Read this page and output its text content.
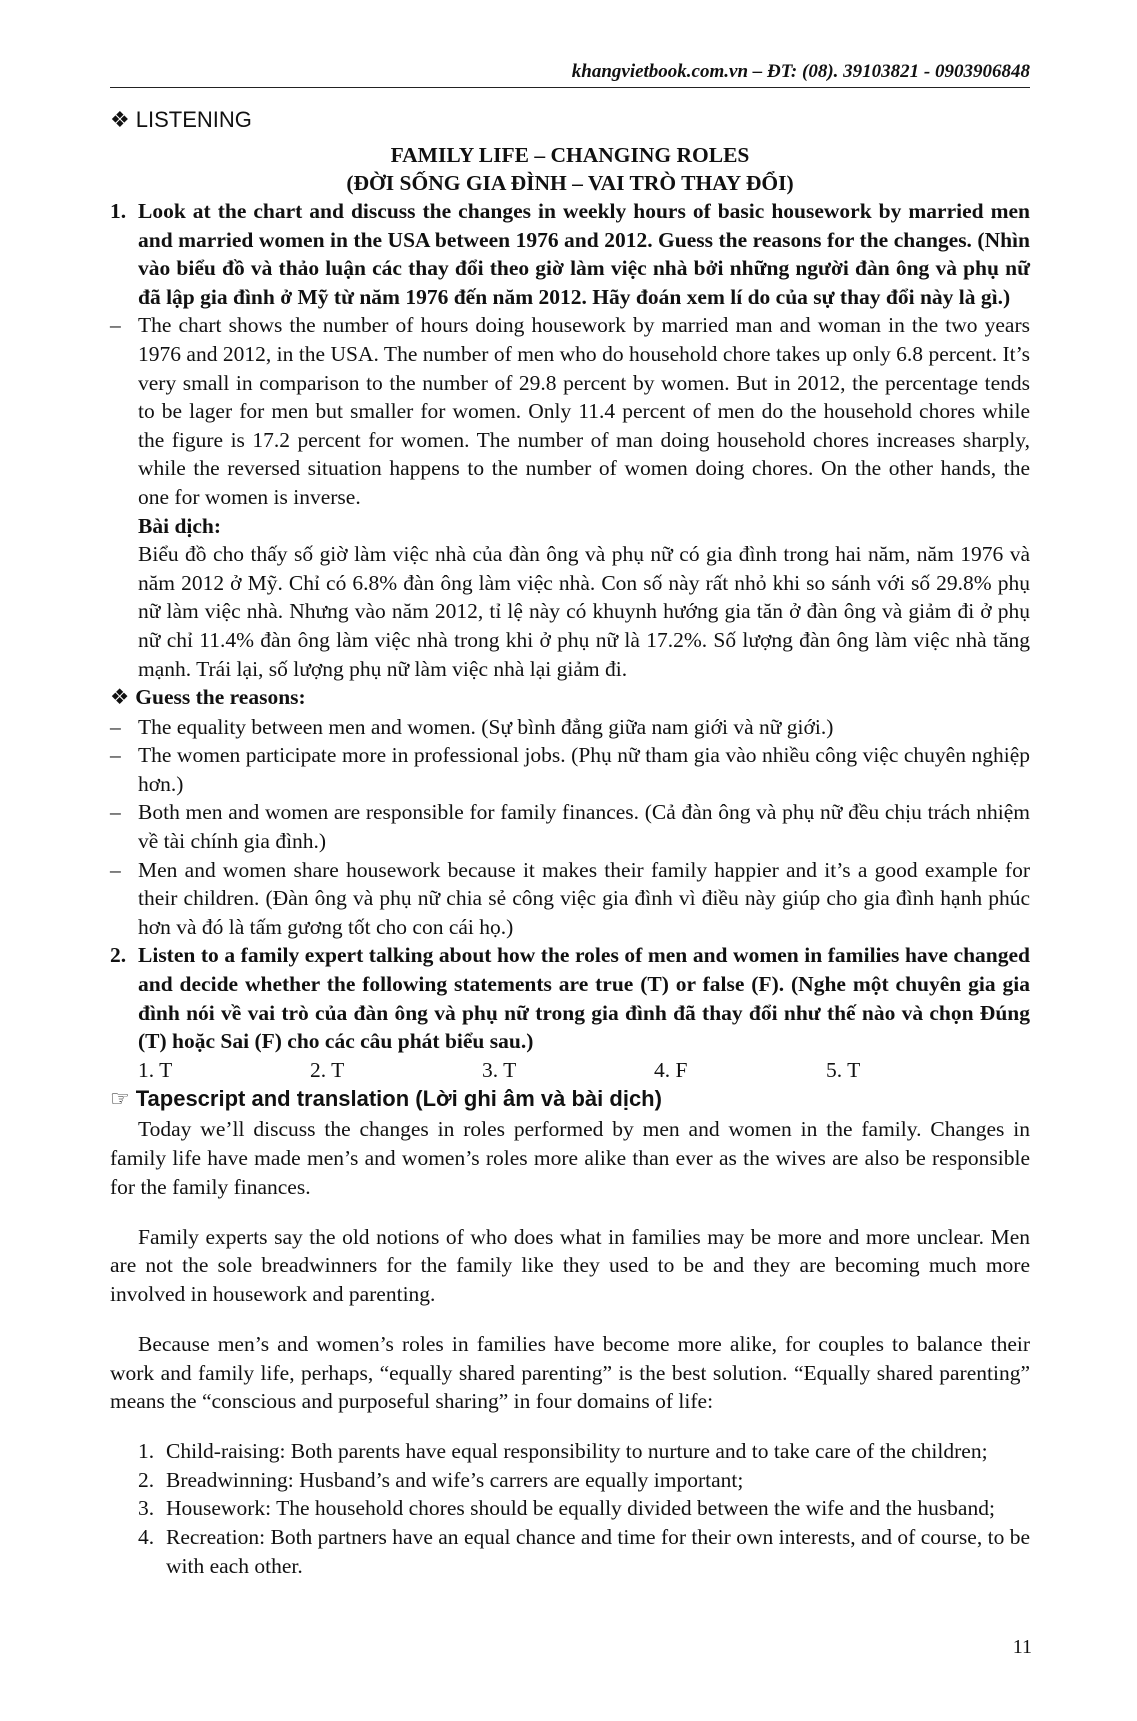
khangvietbook.com.vn – ĐT: (08). 39103821 - 0903906848
❖ LISTENING
FAMILY LIFE – CHANGING ROLES
(ĐỜI SỐNG GIA ĐÌNH – VAI TRÒ THAY ĐỔI)
1. Look at the chart and discuss the changes in weekly hours of basic housework by married men and married women in the USA between 1976 and 2012. Guess the reasons for the changes. (Nhìn vào biểu đồ và thảo luận các thay đổi theo giờ làm việc nhà bởi những người đàn ông và phụ nữ đã lập gia đình ở Mỹ từ năm 1976 đến năm 2012. Hãy đoán xem lí do của sự thay đổi này là gì.)
– The chart shows the number of hours doing housework by married man and woman in the two years 1976 and 2012, in the USA. The number of men who do household chore takes up only 6.8 percent. It’s very small in comparison to the number of 29.8 percent by women. But in 2012, the percentage tends to be lager for men but smaller for women. Only 11.4 percent of men do the household chores while the figure is 17.2 percent for women. The number of man doing household chores increases sharply, while the reversed situation happens to the number of women doing chores. On the other hands, the one for women is inverse.
Bài dịch:
Biểu đồ cho thấy số giờ làm việc nhà của đàn ông và phụ nữ có gia đình trong hai năm, năm 1976 và năm 2012 ở Mỹ. Chỉ có 6.8% đàn ông làm việc nhà. Con số này rất nhỏ khi so sánh với số 29.8% phụ nữ làm việc nhà. Nhưng vào năm 2012, tỉ lệ này có khuynh hướng gia tăn ở đàn ông và giảm đi ở phụ nữ chỉ 11.4% đàn ông làm việc nhà trong khi ở phụ nữ là 17.2%. Số lượng đàn ông làm việc nhà tăng mạnh. Trái lại, số lượng phụ nữ làm việc nhà lại giảm đi.
❖ Guess the reasons:
– The equality between men and women. (Sự bình đẳng giữa nam giới và nữ giới.)
– The women participate more in professional jobs. (Phụ nữ tham gia vào nhiều công việc chuyên nghiệp hơn.)
– Both men and women are responsible for family finances. (Cả đàn ông và phụ nữ đều chịu trách nhiệm về tài chính gia đình.)
– Men and women share housework because it makes their family happier and it’s a good example for their children. (Đàn ông và phụ nữ chia sẻ công việc gia đình vì điều này giúp cho gia đình hạnh phúc hơn và đó là tấm gương tốt cho con cái họ.)
2. Listen to a family expert talking about how the roles of men and women in families have changed and decide whether the following statements are true (T) or false (F). (Nghe một chuyên gia gia đình nói về vai trò của đàn ông và phụ nữ trong gia đình đã thay đổi như thế nào và chọn Đúng (T) hoặc Sai (F) cho các câu phát biểu sau.)
1. T	2. T	3. T	4. F	5. T
☞ Tapescript and translation (Lời ghi âm và bài dịch)

Today we’ll discuss the changes in roles performed by men and women in the family. Changes in family life have made men’s and women’s roles more alike than ever as the wives are also be responsible for the family finances.

Family experts say the old notions of who does what in families may be more and more unclear. Men are not the sole breadwinners for the family like they used to be and they are becoming much more involved in housework and parenting.

Because men’s and women’s roles in families have become more alike, for couples to balance their work and family life, perhaps, “equally shared parenting” is the best solution. “Equally shared parenting” means the “conscious and purposeful sharing” in four domains of life:

1. Child-raising: Both parents have equal responsibility to nurture and to take care of the children;
2. Breadwinning: Husband’s and wife’s carrers are equally important;
3. Housework: The household chores should be equally divided between the wife and the husband;
4. Recreation: Both partners have an equal chance and time for their own interests, and of course, to be with each other.
11
